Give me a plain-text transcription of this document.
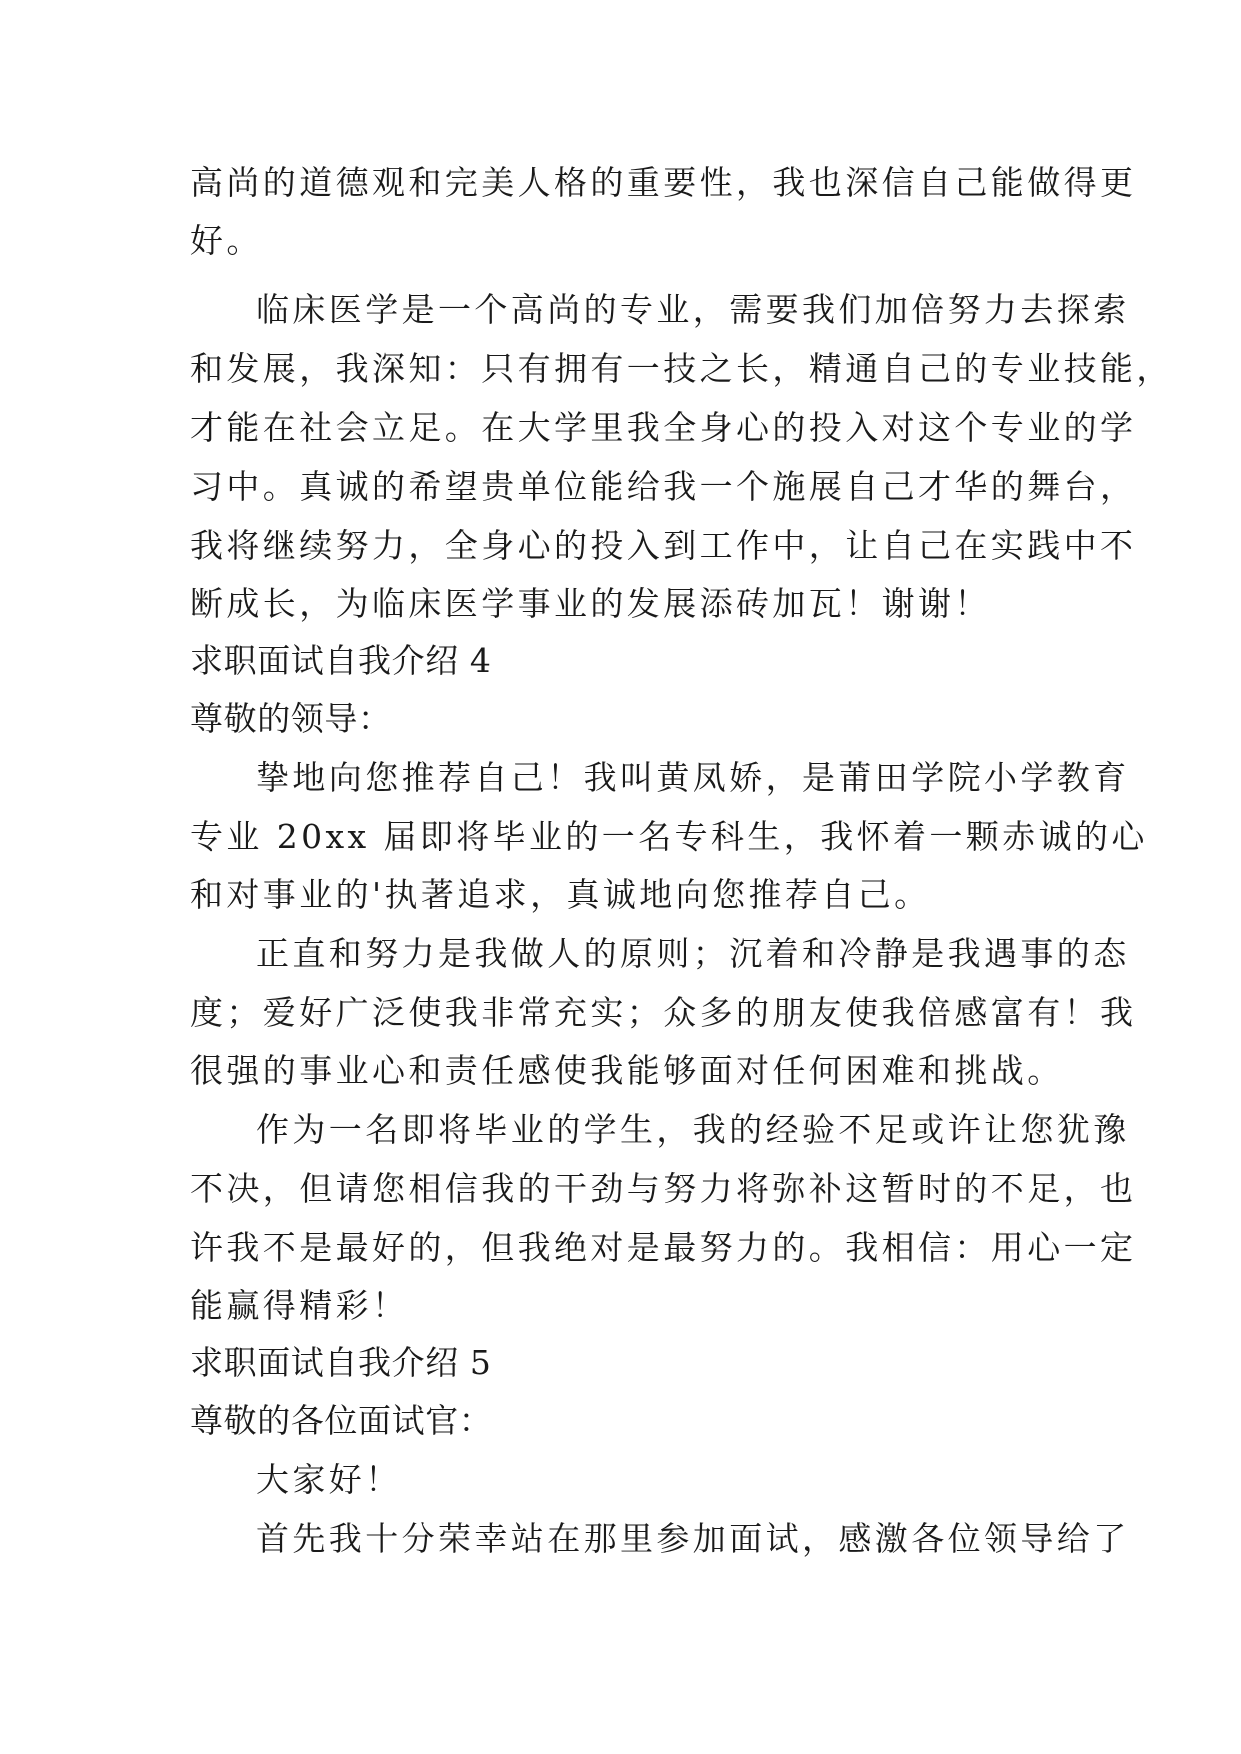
高尚的道德观和完美人格的重要性，我也深信自己能做得更

好。

临床医学是一个高尚的专业，需要我们加倍努力去探索

和发展，我深知：只有拥有一技之长，精通自己的专业技能，

才能在社会立足。在大学里我全身心的投入对这个专业的学

习中。真诚的希望贵单位能给我一个施展自己才华的舞台，

我将继续努力，全身心的投入到工作中，让自己在实践中不

断成长，为临床医学事业的发展添砖加瓦！谢谢！

求职面试自我介绍 4

尊敬的领导：

挚地向您推荐自己！我叫黄凤娇，是莆田学院小学教育

专业 20xx 届即将毕业的一名专科生，我怀着一颗赤诚的心

和对事业的'执著追求，真诚地向您推荐自己。

正直和努力是我做人的原则；沉着和冷静是我遇事的态

度；爱好广泛使我非常充实；众多的朋友使我倍感富有！我

很强的事业心和责任感使我能够面对任何困难和挑战。

作为一名即将毕业的学生，我的经验不足或许让您犹豫

不决，但请您相信我的干劲与努力将弥补这暂时的不足，也

许我不是最好的，但我绝对是最努力的。我相信：用心一定

能赢得精彩！

求职面试自我介绍 5

尊敬的各位面试官：

大家好！

首先我十分荣幸站在那里参加面试，感激各位领导给了
